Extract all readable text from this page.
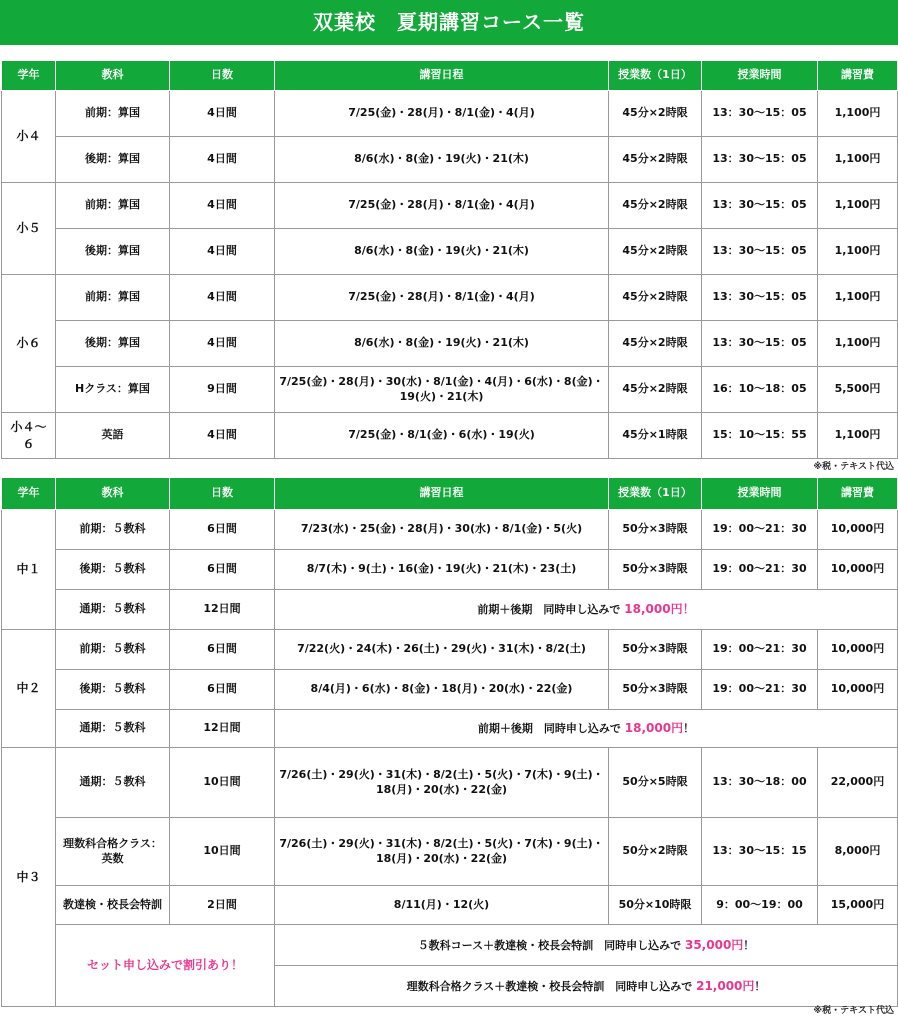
双葉校　夏期講習コース一覧
学年	教科	日数	講習日程	授業数（1日）	授業時間	講習費
小４	前期：算国	4日間	7/25(金)・28(月)・8/1(金)・4(月)	45分×2時限	13：30〜15：05	1,100円
	後期：算国	4日間	8/6(水)・8(金)・19(火)・21(木)	45分×2時限	13：30〜15：05	1,100円
小５	前期：算国	4日間	7/25(金)・28(月)・8/1(金)・4(月)	45分×2時限	13：30〜15：05	1,100円
	後期：算国	4日間	8/6(水)・8(金)・19(火)・21(木)	45分×2時限	13：30〜15：05	1,100円
小６	前期：算国	4日間	7/25(金)・28(月)・8/1(金)・4(月)	45分×2時限	13：30〜15：05	1,100円
	後期：算国	4日間	8/6(水)・8(金)・19(火)・21(木)	45分×2時限	13：30〜15：05	1,100円
	Hクラス：算国	9日間	7/25(金)・28(月)・30(水)・8/1(金)・4(月)・6(水)・8(金)・19(火)・21(木)	45分×2時限	16：10〜18：05	5,500円
小４〜６	英語	4日間	7/25(金)・8/1(金)・6(水)・19(火)	45分×1時限	15：10〜15：55	1,100円
※税・テキスト代込
学年	教科	日数	講習日程	授業数（1日）	授業時間	講習費
中１	前期：５教科	6日間	7/23(水)・25(金)・28(月)・30(水)・8/1(金)・5(火)	50分×3時限	19：00〜21：30	10,000円
	後期：５教科	6日間	8/7(木)・9(土)・16(金)・19(火)・21(木)・23(土)	50分×3時限	19：00〜21：30	10,000円
	通期：５教科	12日間	前期＋後期　同時申し込みで 18,000円！			
中２	前期：５教科	6日間	7/22(火)・24(木)・26(土)・29(火)・31(木)・8/2(土)	50分×3時限	19：00〜21：30	10,000円
	後期：５教科	6日間	8/4(月)・6(水)・8(金)・18(月)・20(水)・22(金)	50分×3時限	19：00〜21：30	10,000円
	通期：５教科	12日間	前期＋後期　同時申し込みで 18,000円！			
中３	通期：５教科	10日間	7/26(土)・29(火)・31(木)・8/2(土)・5(火)・7(木)・9(土)・18(月)・20(水)・22(金)	50分×5時限	13：30〜18：00	22,000円
	理数科合格クラス：英数	10日間	7/26(土)・29(火)・31(木)・8/2(土)・5(火)・7(木)・9(土)・18(月)・20(水)・22(金)	50分×2時限	13：30〜15：15	8,000円
	教達検・校長会特訓	2日間	8/11(月)・12(火)	50分×10時限	9：00〜19：00	15,000円
	セット申し込みで割引あり！		５教科コース＋教達検・校長会特訓　同時申し込みで 35,000円！			
			理数科合格クラス＋教達検・校長会特訓　同時申し込みで 21,000円！			
※税・テキスト代込
